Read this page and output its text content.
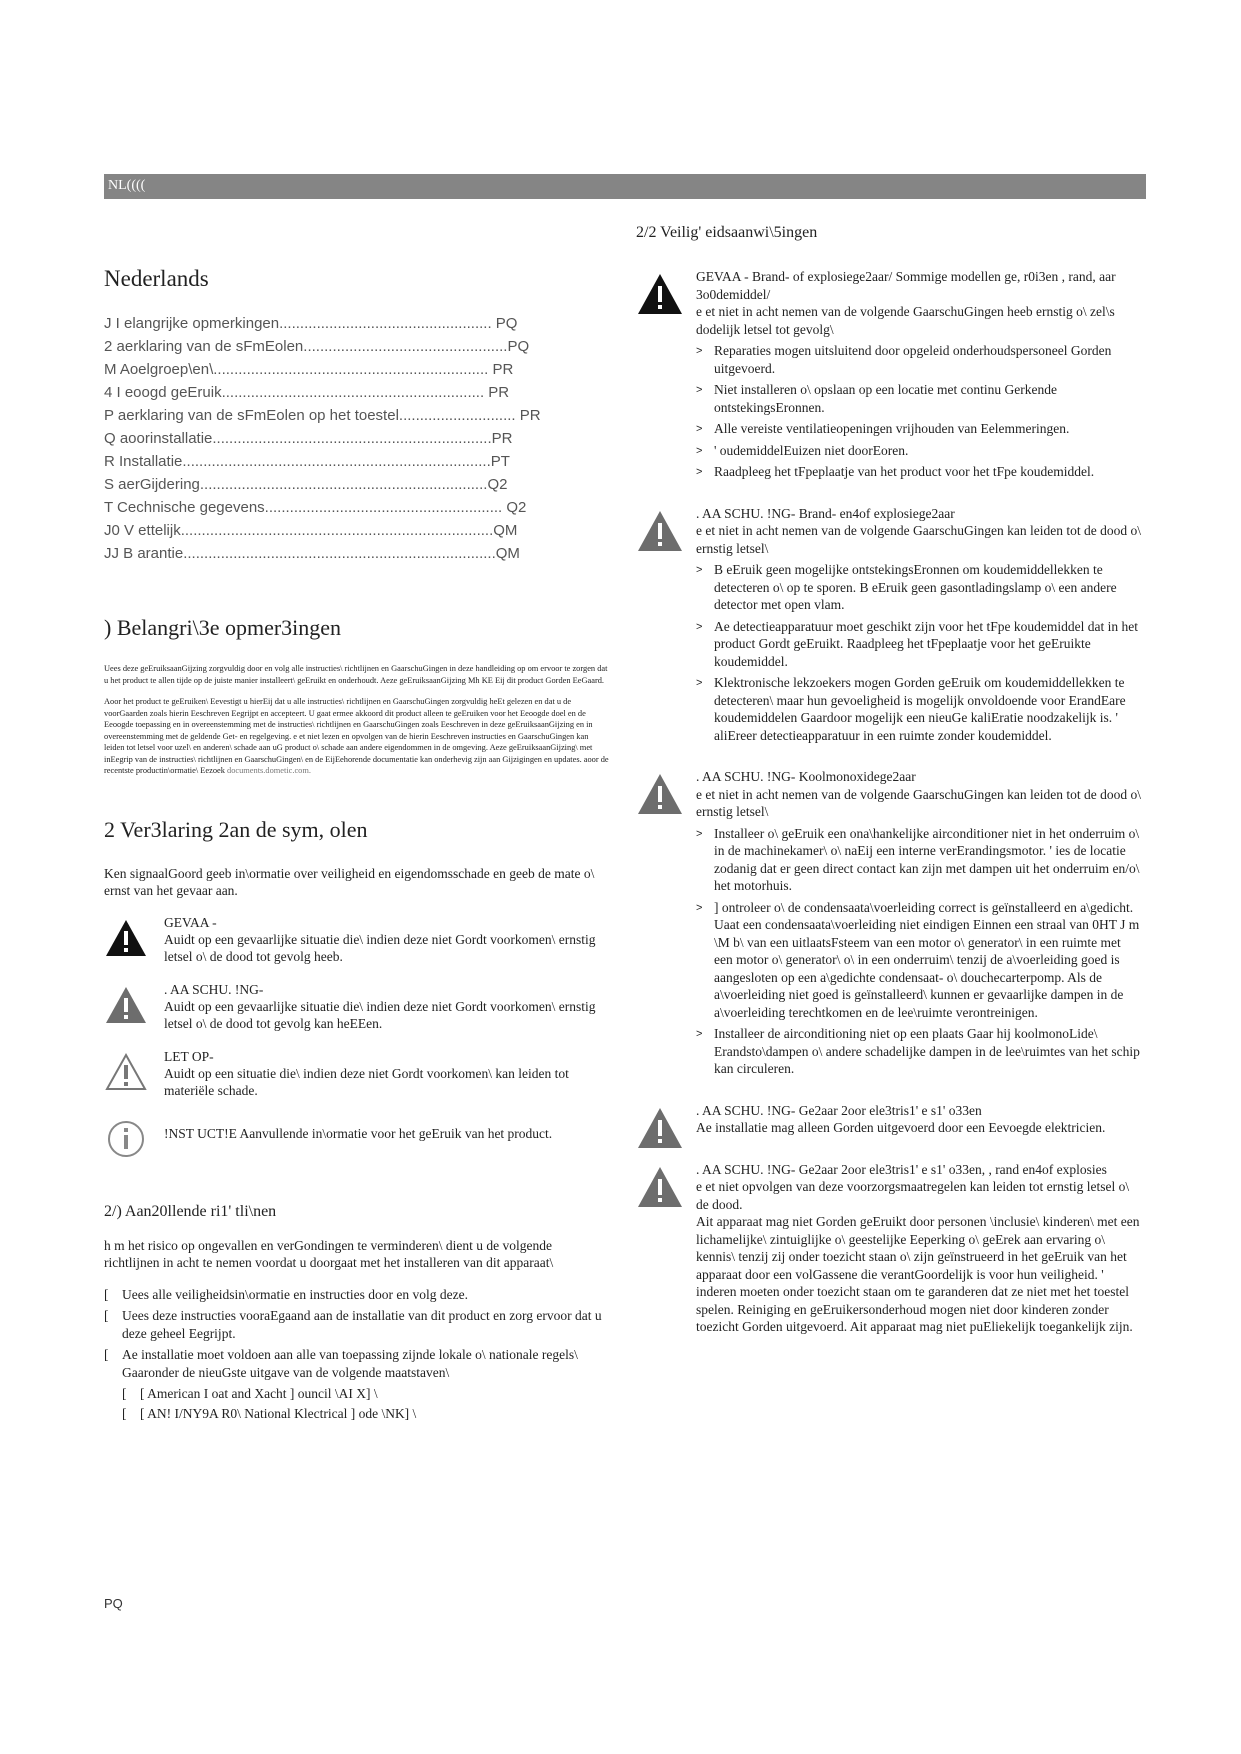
NL((((
Nederlands
J I elangrijke opmerkingen................................................... PQ
2 aerklaring van de sFmEolen.................................................PQ
M Aoelgroep\en\.................................................................. PR
4 I eoogd geEruik............................................................... PR
P aerklaring van de sFmEolen op het toestel............................ PR
Q aoorinstallatie...................................................................PR
R Installatie..........................................................................PT
S aerGijdering.....................................................................Q2
T Cechnische gegevens......................................................... Q2
J0 V ettelijk...........................................................................QM
JJ B arantie...........................................................................QM
) Belangri\3e opmer3ingen

Uees deze geEruiksaanGijzing zorgvuldig door en volg alle instructies\ richtlijnen en GaarschuGingen in deze handleiding op om ervoor te zorgen dat u het product te allen tijde op de juiste manier installeert\ geEruikt en onderhoudt. Aeze geEruiksaanGijzing Mh KE Eij dit product Gorden EeGaard.

Aoor het product te geEruiken\ Eevestigt u hierEij dat u alle instructies\ richtlijnen en GaarschuGingen zorgvuldig heEt gelezen en dat u de voorGaarden zoals hierin Eeschreven Eegrijpt en accepteert. U gaat ermee akkoord dit product alleen te geEruiken voor het Eeoogde doel en de Eeoogde toepassing en in overeenstemming met de instructies\ richtlijnen en GaarschuGingen zoals Eeschreven in deze geEruiksaanGijzing en in overeenstemming met de geldende Get- en regelgeving. e et niet lezen en opvolgen van de hierin Eeschreven instructies en GaarschuGingen kan leiden tot letsel voor uzel\ en anderen\ schade aan uG product o\ schade aan andere eigendommen in de omgeving. Aeze geEruiksaanGijzing\ met inEegrip van de instructies\ richtlijnen en GaarschuGingen\ en de EijEehorende documentatie kan onderhevig zijn aan Gijzigingen en updates. aoor de recentste productin\ormatie\ Eezoek documents.dometic.com.

2 Ver3laring 2an de sym, olen

Ken signaalGoord geeb in\ormatie over veiligheid en eigendomsschade en geeb de mate o\ ernst van het gevaar aan.

GEVAA -
Auidt op een gevaarlijke situatie die\ indien deze niet Gordt voorkomen\ ernstig letsel o\ de dood tot gevolg heeb.
. AA SCHU. !NG-
Auidt op een gevaarlijke situatie die\ indien deze niet Gordt voorkomen\ ernstig letsel o\ de dood tot gevolg kan heEEen.
LET OP-
Auidt op een situatie die\ indien deze niet Gordt voorkomen\ kan leiden tot materiële schade.
!NST UCT!E Aanvullende in\ormatie voor het geEruik van het product.
2/) Aan20llende ri1' tli\nen

h m het risico op ongevallen en verGondingen te verminderen\ dient u de volgende richtlijnen in acht te nemen voordat u doorgaat met het installeren van dit apparaat\

[ Uees alle veiligheidsin\ormatie en instructies door en volg deze.
[ Uees deze instructies vooraEgaand aan de installatie van dit product en zorg ervoor dat u deze geheel Eegrijpt.
[ Ae installatie moet voldoen aan alle van toepassing zijnde lokale o\ nationale regels\ Gaaronder de nieuGste uitgave van de volgende maatstaven\
[ [ American I oat and Xacht ] ouncil \AI X] \
[ [ AN! I/NY9A R0\ National Klectrical ] ode \NK] \
2/2 Veilig' eidsaanwi\5ingen
GEVAA - Brand- of explosiege2aar/ Sommige modellen ge, r0i3en , rand, aar 3o0demiddel/
e et niet in acht nemen van de volgende GaarschuGingen heeb ernstig o\ zel\s dodelijk letsel tot gevolg\
> Reparaties mogen uitsluitend door opgeleid onderhoudspersoneel Gorden uitgevoerd.
> Niet installeren o\ opslaan op een locatie met continu Gerkende ontstekingsEronnen.
> Alle vereiste ventilatieopeningen vrijhouden van Eelemmeringen.
> ' oudemiddelEuizen niet doorEoren.
> Raadpleeg het tFpeplaatje van het product voor het tFpe koudemiddel.
. AA SCHU. !NG- Brand- en4of explosiege2aar
e et niet in acht nemen van de volgende GaarschuGingen kan leiden tot de dood o\ ernstig letsel\
> B eEruik geen mogelijke ontstekingsEronnen om koudemiddellekken te detecteren o\ op te sporen. B eEruik geen gasontladingslamp o\ een andere detector met open vlam.
> Ae detectieapparatuur moet geschikt zijn voor het tFpe koudemiddel dat in het product Gordt geEruikt. Raadpleeg het tFpeplaatje voor het geEruikte koudemiddel.
> Klektronische lekzoekers mogen Gorden geEruik om koudemiddellekken te detecteren\ maar hun gevoeligheid is mogelijk onvoldoende voor ErandEare koudemiddelen Gaardoor mogelijk een nieuGe kaliEratie noodzakelijk is. ' aliEreer detectieapparatuur in een ruimte zonder koudemiddel.
. AA SCHU. !NG- Koolmonoxidege2aar
e et niet in acht nemen van de volgende GaarschuGingen kan leiden tot de dood o\ ernstig letsel\
> Installeer o\ geEruik een ona\hankelijke airconditioner niet in het onderruim o\ in de machinekamer\ o\ naEij een interne verErandingsmotor. ' ies de locatie zodanig dat er geen direct contact kan zijn met dampen uit het onderruim en/o\ het motorhuis.
> ] ontroleer o\ de condensaata\voerleiding correct is geïnstalleerd en a\gedicht. Uaat een condensaata\voerleiding niet eindigen Einnen een straal van 0HT J m \M b\ van een uitlaatsFsteem van een motor o\ generator\ in een ruimte met een motor o\ generator\ o\ in een onderruim\ tenzij de a\voerleiding goed is aangesloten op een a\gedichte condensaat- o\ douchecarterpomp. Als de a\voerleiding niet goed is geïnstalleerd\ kunnen er gevaarlijke dampen in de a\voerleiding terechtkomen en de lee\ruimte verontreinigen.
> Installeer de airconditioning niet op een plaats Gaar hij koolmonoLide\ Erandsto\dampen o\ andere schadelijke dampen in de lee\ruimtes van het schip kan circuleren.
. AA SCHU. !NG- Ge2aar 2oor ele3tris1' e s1' o33en
Ae installatie mag alleen Gorden uitgevoerd door een Eevoegde elektricien.
. AA SCHU. !NG- Ge2aar 2oor ele3tris1' e s1' o33en, , rand en4of explosies
e et niet opvolgen van deze voorzorgsmaatregelen kan leiden tot ernstig letsel o\ de dood.
Ait apparaat mag niet Gorden geEruikt door personen \inclusie\ kinderen\ met een lichamelijke\ zintuiglijke o\ geestelijke Eeperking o\ geErek aan ervaring o\ kennis\ tenzij zij onder toezicht staan o\ zijn geïnstrueerd in het geEruik van het apparaat door een volGassene die verantGoordelijk is voor hun veiligheid. ' inderen moeten onder toezicht staan om te garanderen dat ze niet met het toestel spelen. Reiniging en geEruikersonderhoud mogen niet door kinderen zonder toezicht Gorden uitgevoerd. Ait apparaat mag niet puEliekelijk toegankelijk zijn.
PQ
